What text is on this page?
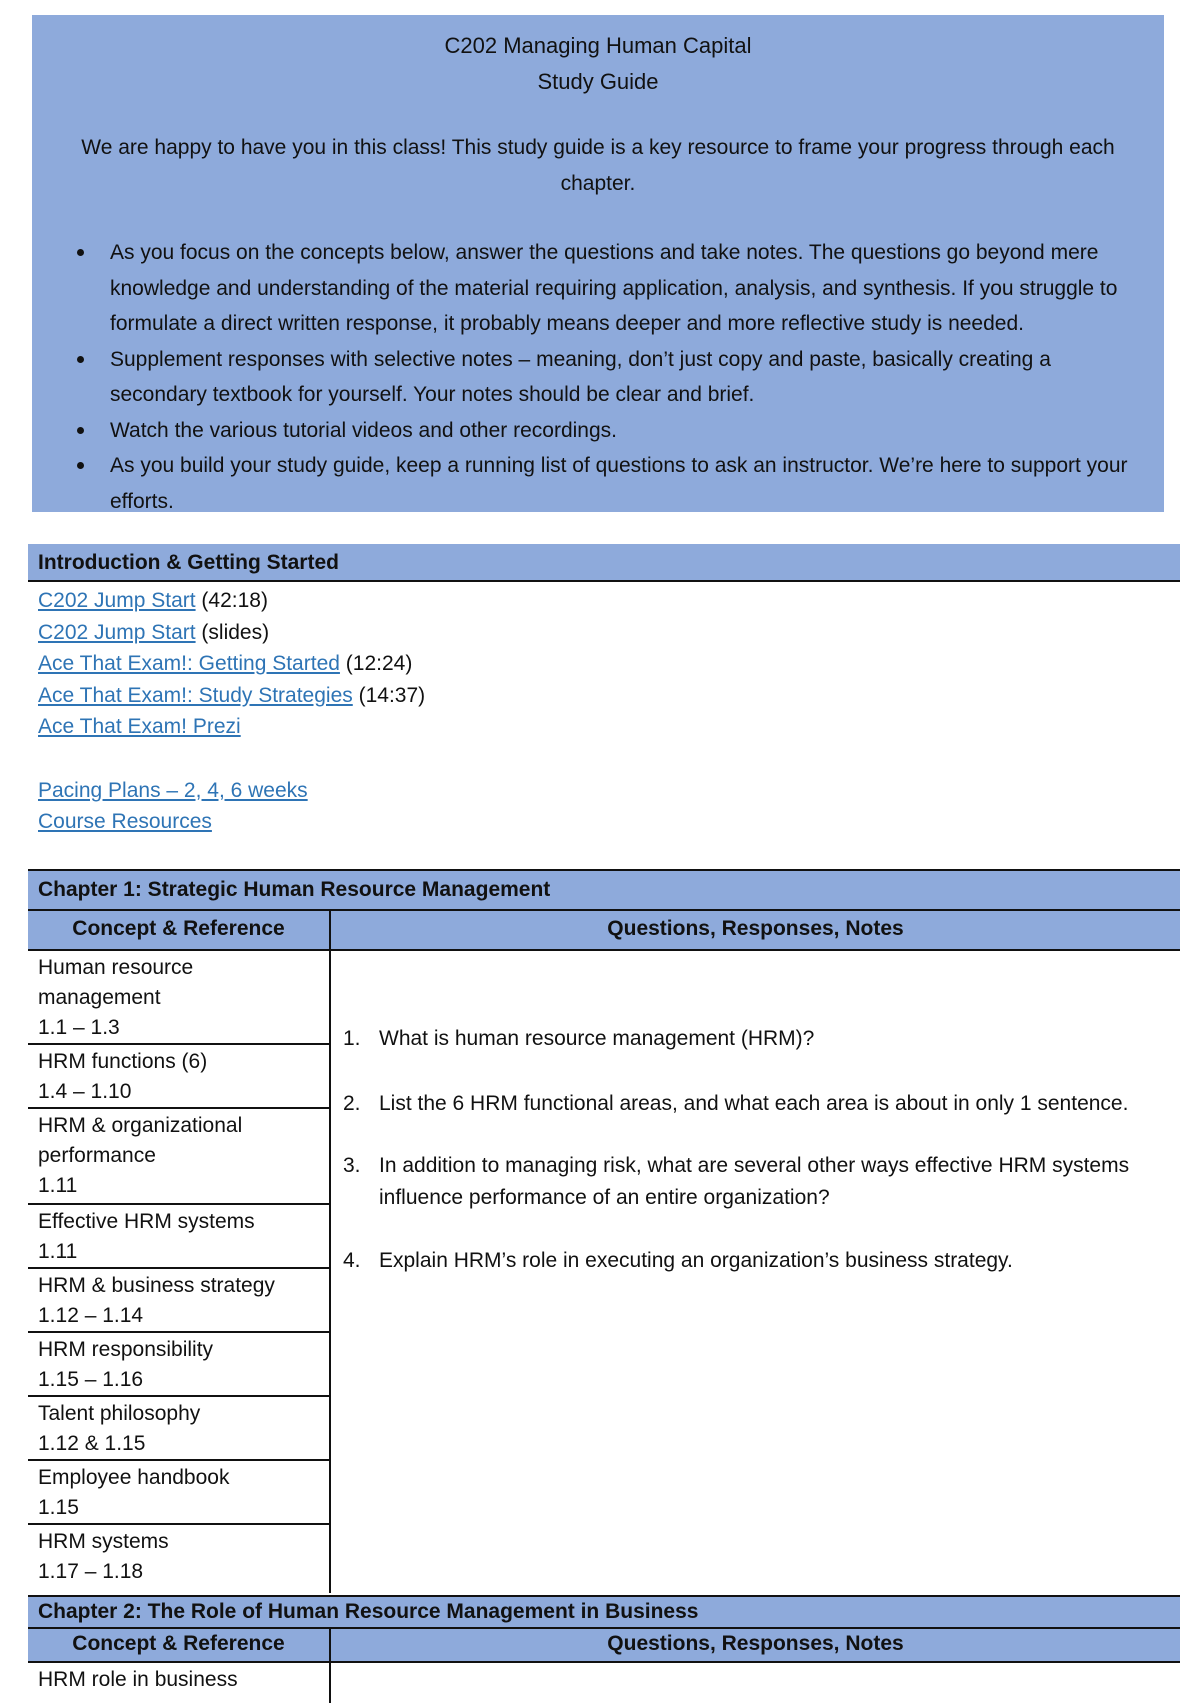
C202 Managing Human Capital
Study Guide
We are happy to have you in this class! This study guide is a key resource to frame your progress through each chapter.
As you focus on the concepts below, answer the questions and take notes. The questions go beyond mere knowledge and understanding of the material requiring application, analysis, and synthesis. If you struggle to formulate a direct written response, it probably means deeper and more reflective study is needed.
Supplement responses with selective notes – meaning, don’t just copy and paste, basically creating a secondary textbook for yourself. Your notes should be clear and brief.
Watch the various tutorial videos and other recordings.
As you build your study guide, keep a running list of questions to ask an instructor. We’re here to support your efforts.
Introduction & Getting Started
C202 Jump Start (42:18)
C202 Jump Start (slides)
Ace That Exam!: Getting Started (12:24)
Ace That Exam!: Study Strategies (14:37)
Ace That Exam! Prezi
Pacing Plans – 2, 4, 6 weeks
Course Resources
Chapter 1: Strategic Human Resource Management
Concept & Reference	Questions, Responses, Notes
Human resource
management
1.1 – 1.3
HRM functions (6)
1.4 – 1.10
HRM & organizational
performance
1.11
Effective HRM systems
1.11
HRM & business strategy
1.12 – 1.14
HRM responsibility
1.15 – 1.16
Talent philosophy
1.12 & 1.15
Employee handbook
1.15
HRM systems
1.17 – 1.18
1. What is human resource management (HRM)?
2. List the 6 HRM functional areas, and what each area is about in only 1 sentence.
3. In addition to managing risk, what are several other ways effective HRM systems influence performance of an entire organization?
4. Explain HRM’s role in executing an organization’s business strategy.
Chapter 2: The Role of Human Resource Management in Business
Concept & Reference	Questions, Responses, Notes
HRM role in business
